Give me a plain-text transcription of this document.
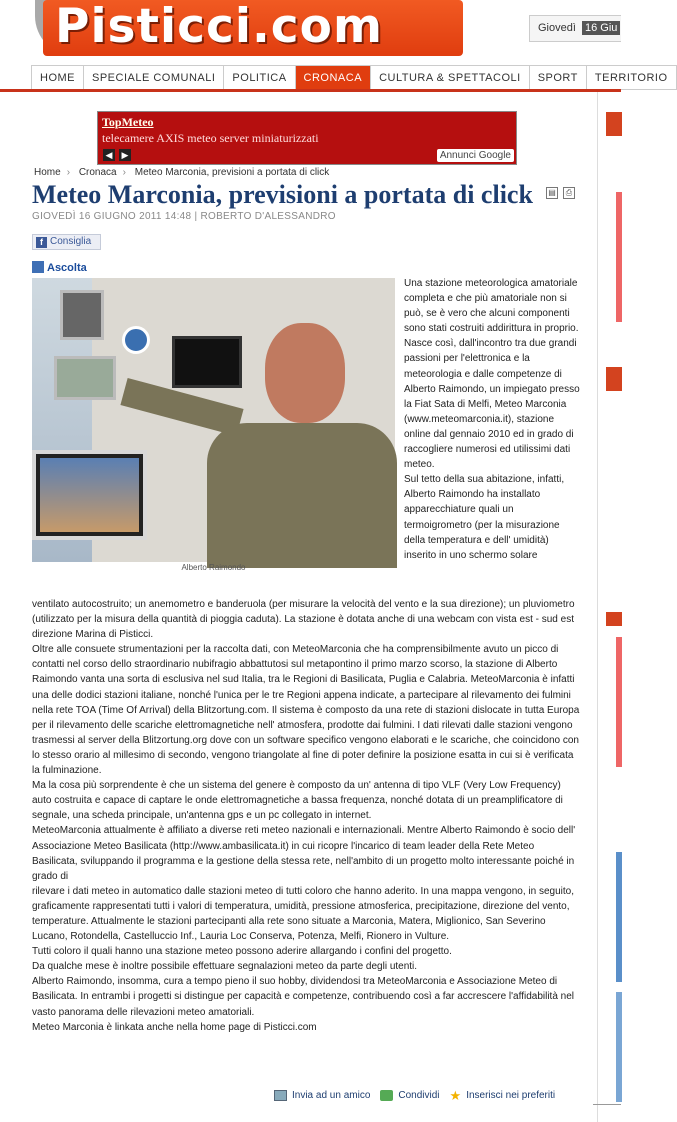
Pisticci.com	Giovedì 16 Giu
HOME	SPECIALE COMUNALI	POLITICA	CRONACA	CULTURA & SPETTACOLI	SPORT	TERRITORIO
TopMeteo
telecamere AXIS meteo server miniaturizzati
◀ ▶	Annunci Google
Home › Cronaca › Meteo Marconia, previsioni a portata di click
Meteo Marconia, previsioni a portata di click ▤	⎙
GIOVEDÌ 16 GIUGNO 2011 14:48 | ROBERTO D'ALESSANDRO
f Consiglia
Ascolta
Alberto Raimondo

Una stazione meteorologica amatoriale completa e che più amatoriale non si può, se è vero che alcuni componenti sono stati costruiti addirittura in proprio.

Nasce così, dall'incontro tra due grandi passioni per l'elettronica e la meteorologia e dalle competenze di Alberto Raimondo, un impiegato presso la Fiat Sata di Melfi, Meteo Marconia (www.meteomarconia.it), stazione online dal gennaio 2010 ed in grado di raccogliere numerosi ed utilissimi dati meteo.

Sul tetto della sua abitazione, infatti, Alberto Raimondo ha installato apparecchiature quali un termoigrometro (per la misurazione della temperatura e dell' umidità) inserito in uno schermo solare

ventilato autocostruito; un anemometro e banderuola (per misurare la velocità del vento e la sua direzione); un pluviometro (utilizzato per la misura della quantità di pioggia caduta). La stazione è dotata anche di una webcam con vista est - sud est direzione Marina di Pisticci.

Oltre alle consuete strumentazioni per la raccolta dati, con MeteoMarconia che ha comprensibilmente avuto un picco di contatti nel corso dello straordinario nubifragio abbattutosi sul metapontino il primo marzo scorso, la stazione di Alberto Raimondo vanta una sorta di esclusiva nel sud Italia, tra le Regioni di Basilicata, Puglia e Calabria. MeteoMarconia è infatti una delle dodici stazioni italiane, nonché l'unica per le tre Regioni appena indicate, a partecipare al rilevamento dei fulmini nella rete TOA (Time Of Arrival) della Blitzortung.com. Il sistema è composto da una rete di stazioni dislocate in tutta Europa per il rilevamento delle scariche elettromagnetiche nell' atmosfera, prodotte dai fulmini. I dati rilevati dalle stazioni vengono trasmessi al server della Blitzortung.org dove con un software specifico vengono elaborati e le scariche, che coincidono con lo stesso orario al millesimo di secondo, vengono triangolate al fine di poter definire la posizione esatta in cui si è verificata la fulminazione.

Ma la cosa più sorprendente è che un sistema del genere è composto da un' antenna di tipo VLF (Very Low Frequency) auto costruita e capace di captare le onde elettromagnetiche a bassa frequenza, nonché dotata di un preamplificatore di segnale, una scheda principale, un'antenna gps e un pc collegato in internet.

MeteoMarconia attualmente è affiliato a diverse reti meteo nazionali e internazionali. Mentre Alberto Raimondo è socio dell' Associazione Meteo Basilicata (http://www.ambasilicata.it) in cui ricopre l'incarico di team leader della Rete Meteo Basilicata, sviluppando il programma e la gestione della stessa rete, nell'ambito di un progetto molto interessante poiché in grado di

rilevare i dati meteo in automatico dalle stazioni meteo di tutti coloro che hanno aderito. In una mappa vengono, in seguito, graficamente rappresentati tutti i valori di temperatura, umidità, pressione atmosferica, precipitazione, direzione del vento, temperature. Attualmente le stazioni partecipanti alla rete sono situate a Marconia, Matera, Miglionico, San Severino Lucano, Rotondella, Castelluccio Inf., Lauria Loc Conserva, Potenza, Melfi, Rionero in Vulture.

Tutti coloro il quali hanno una stazione meteo possono aderire allargando i confini del progetto.

Da qualche mese è inoltre possibile effettuare segnalazioni meteo da parte degli utenti.

Alberto Raimondo, insomma, cura a tempo pieno il suo hobby, dividendosi tra MeteoMarconia e Associazione Meteo di Basilicata. In entrambi i progetti si distingue per capacità e competenze, contribuendo così a far accrescere l'affidabilità nel vasto panorama delle rilevazioni meteo amatoriali.

Meteo Marconia è linkata anche nella home page di Pisticci.com

Invia ad un amico	Condividi ★ Inserisci nei preferiti
